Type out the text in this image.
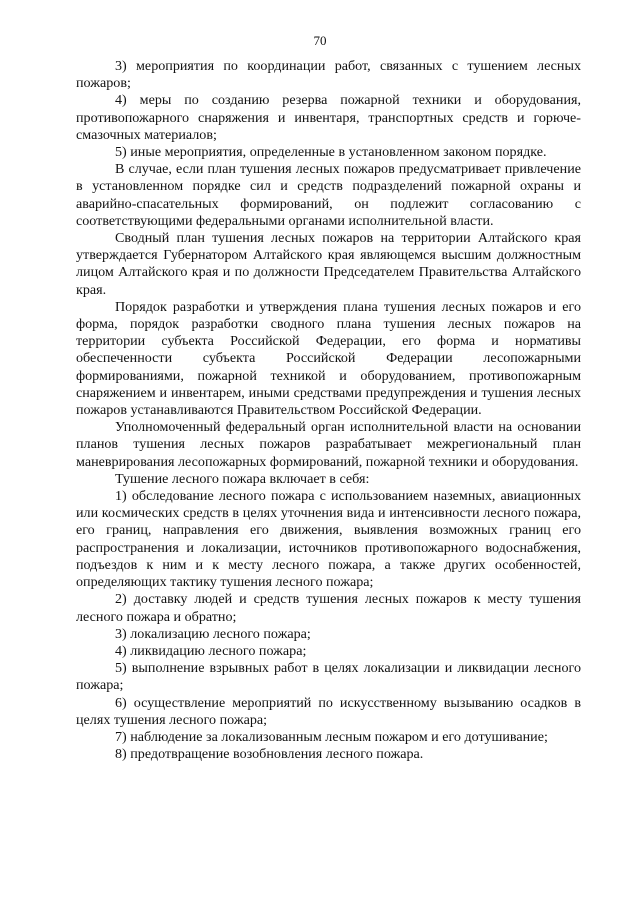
70

3) мероприятия по координации работ, связанных с тушением лесных пожаров;

4) меры по созданию резерва пожарной техники и оборудования, противопожарного снаряжения и инвентаря, транспортных средств и горюче-смазочных материалов;

5) иные мероприятия, определенные в установленном законом порядке.

В случае, если план тушения лесных пожаров предусматривает привлечение в установленном порядке сил и средств подразделений пожарной охраны и аварийно-спасательных формирований, он подлежит согласованию с соответствующими федеральными органами исполнительной власти.

Сводный план тушения лесных пожаров на территории Алтайского края утверждается Губернатором Алтайского края являющемся высшим должностным лицом Алтайского края и по должности Председателем Правительства Алтайского края.

Порядок разработки и утверждения плана тушения лесных пожаров и его форма, порядок разработки сводного плана тушения лесных пожаров на территории субъекта Российской Федерации, его форма и нормативы обеспеченности субъекта Российской Федерации лесопожарными формированиями, пожарной техникой и оборудованием, противопожарным снаряжением и инвентарем, иными средствами предупреждения и тушения лесных пожаров устанавливаются Правительством Российской Федерации.

Уполномоченный федеральный орган исполнительной власти на основании планов тушения лесных пожаров разрабатывает межрегиональный план маневрирования лесопожарных формирований, пожарной техники и оборудования.

Тушение лесного пожара включает в себя:

1) обследование лесного пожара с использованием наземных, авиационных или космических средств в целях уточнения вида и интенсивности лесного пожара, его границ, направления его движения, выявления возможных границ его распространения и локализации, источников противопожарного водоснабжения, подъездов к ним и к месту лесного пожара, а также других особенностей, определяющих тактику тушения лесного пожара;

2) доставку людей и средств тушения лесных пожаров к месту тушения лесного пожара и обратно;

3) локализацию лесного пожара;

4) ликвидацию лесного пожара;

5) выполнение взрывных работ в целях локализации и ликвидации лесного пожара;

6) осуществление мероприятий по искусственному вызыванию осадков в целях тушения лесного пожара;

7) наблюдение за локализованным лесным пожаром и его дотушивание;

8) предотвращение возобновления лесного пожара.
